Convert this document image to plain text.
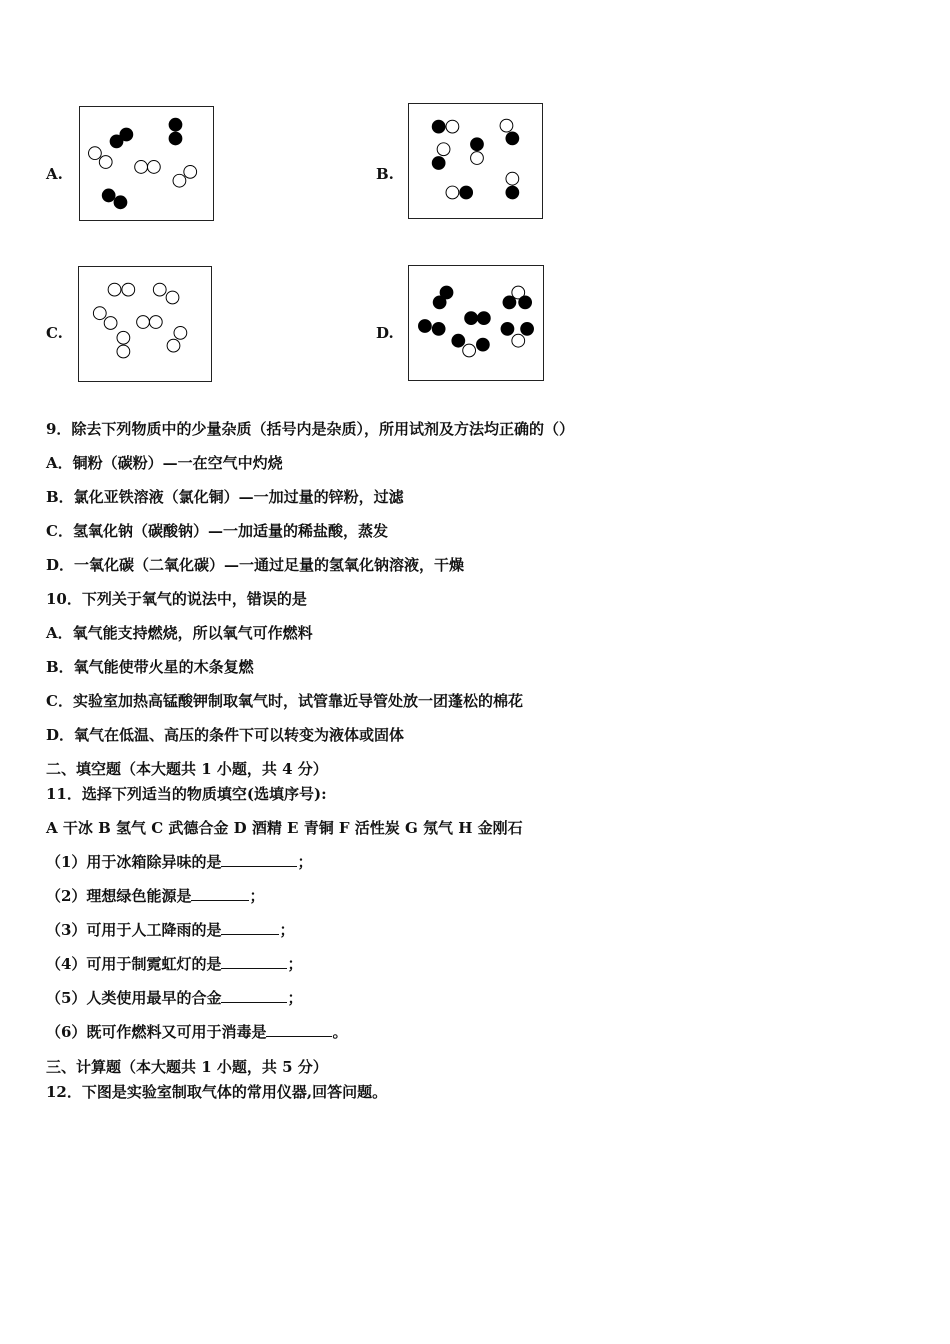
A.	B.
C.	D.
9．除去下列物质中的少量杂质（括号内是杂质），所用试剂及方法均正确的（）
A．铜粉（碳粉）—一在空气中灼烧
B．氯化亚铁溶液（氯化铜）—一加过量的锌粉，过滤
C．氢氧化钠（碳酸钠）—一加适量的稀盐酸，蒸发
D．一氧化碳（二氧化碳）—一通过足量的氢氧化钠溶液，干燥
10．下列关于氧气的说法中，错误的是
A．氧气能支持燃烧，所以氧气可作燃料
B．氧气能使带火星的木条复燃
C．实验室加热高锰酸钾制取氧气时，试管靠近导管处放一团蓬松的棉花
D．氧气在低温、高压的条件下可以转变为液体或固体
二、填空题（本大题共 1 小题，共 4 分）
11．选择下列适当的物质填空(选填序号):
A 干冰 B 氢气 C 武德合金 D 酒精 E 青铜 F 活性炭 G 氖气 H 金刚石
（1）用于冰箱除异味的是	；
（2）理想绿色能源是	；
（3）可用于人工降雨的是	；
（4）可用于制霓虹灯的是	；
（5）人类使用最早的合金	；
（6）既可作燃料又可用于消毒是	。
三、计算题（本大题共 1 小题，共 5 分）
12．下图是实验室制取气体的常用仪器,回答问题。
